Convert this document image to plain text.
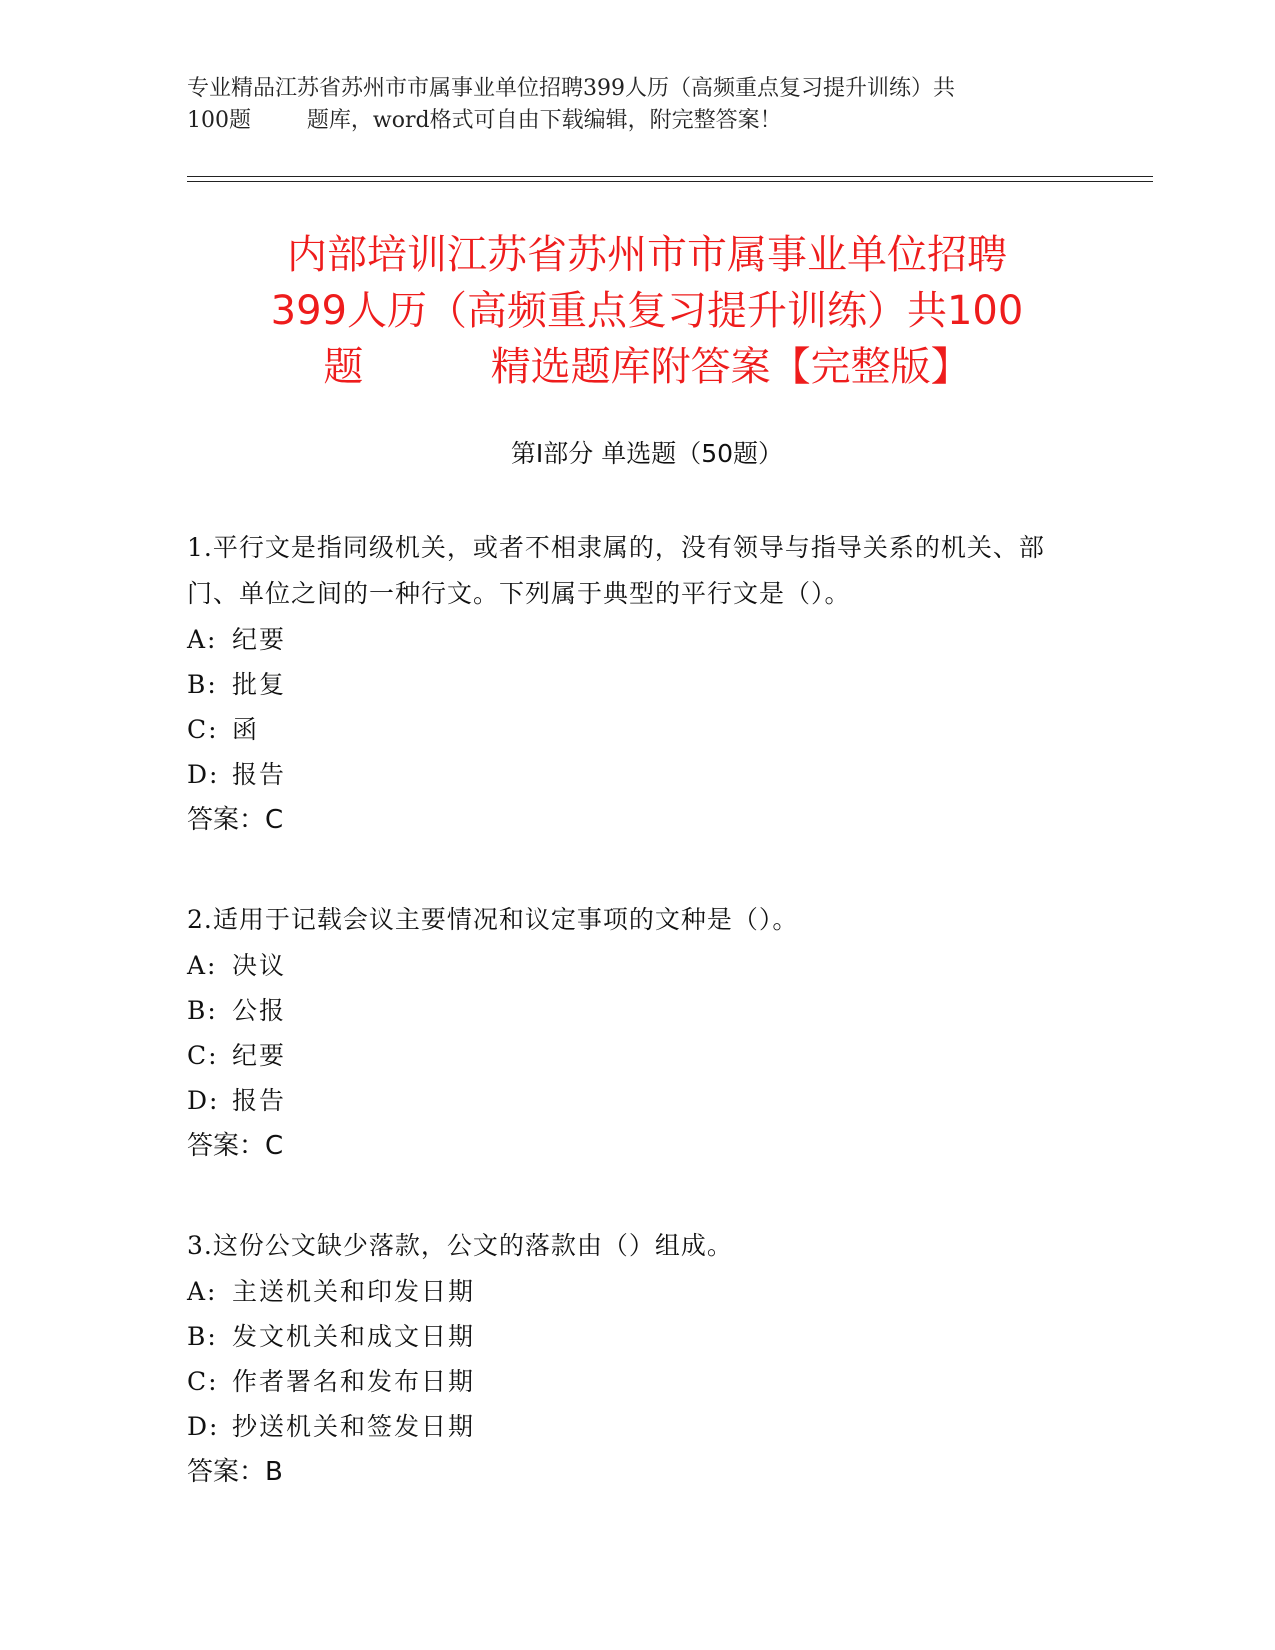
专业精品江苏省苏州市市属事业单位招聘399人历（高频重点复习提升训练）共

100题        题库，word格式可自由下载编辑，附完整答案！
内部培训江苏省苏州市市属事业单位招聘
399人历（高频重点复习提升训练）共100
题          精选题库附答案【完整版】
第Ⅰ部分 单选题（50题）
1.平行文是指同级机关，或者不相隶属的，没有领导与指导关系的机关、部门、单位之间的一种行文。下列属于典型的平行文是（）。
A: 纪要
B: 批复
C: 函
D: 报告
答案：C
2.适用于记载会议主要情况和议定事项的文种是（）。
A: 决议
B: 公报
C: 纪要
D: 报告
答案：C
3.这份公文缺少落款，公文的落款由（）组成。
A: 主送机关和印发日期
B: 发文机关和成文日期
C: 作者署名和发布日期
D: 抄送机关和签发日期
答案：B
